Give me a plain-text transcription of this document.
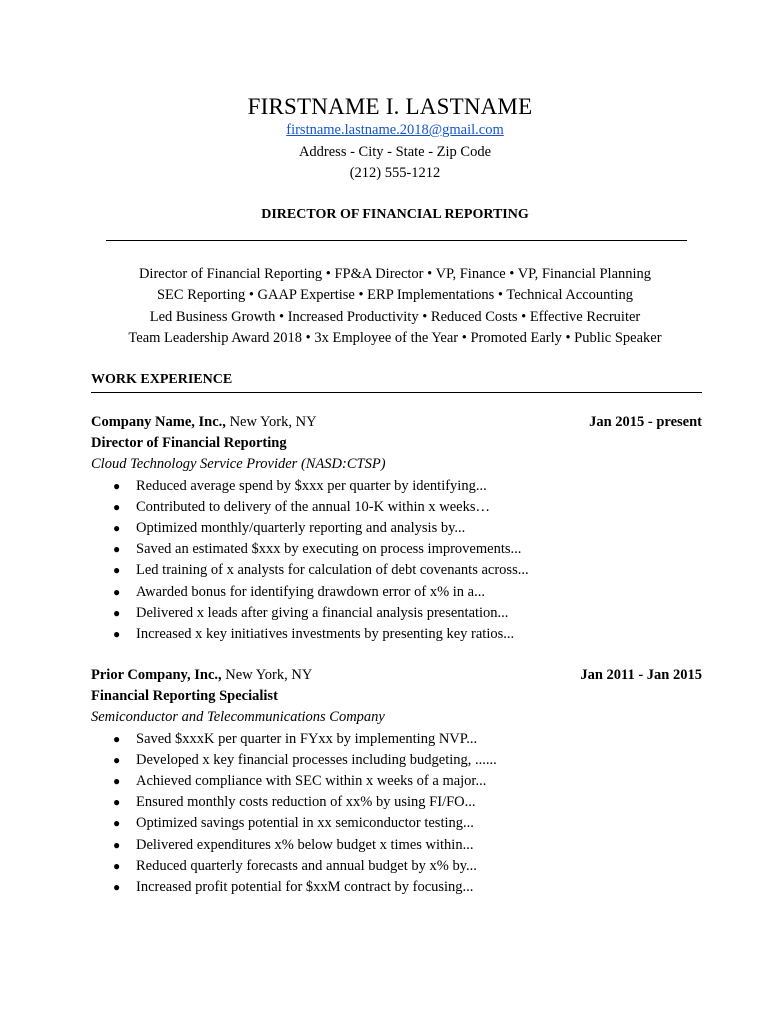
FIRSTNAME I. LASTNAME
firstname.lastname.2018@gmail.com
Address - City - State - Zip Code
(212) 555-1212
DIRECTOR OF FINANCIAL REPORTING
Director of Financial Reporting • FP&A Director • VP, Finance • VP, Financial Planning
SEC Reporting • GAAP Expertise • ERP Implementations • Technical Accounting
Led Business Growth • Increased Productivity • Reduced Costs • Effective Recruiter
Team Leadership Award 2018 • 3x Employee of the Year • Promoted Early • Public Speaker
WORK EXPERIENCE
Company Name, Inc., New York, NY	Jan 2015 - present
Director of Financial Reporting
Cloud Technology Service Provider (NASD:CTSP)
● Reduced average spend by $xxx per quarter by identifying...
● Contributed to delivery of the annual 10-K within x weeks…
● Optimized monthly/quarterly reporting and analysis by...
● Saved an estimated $xxx by executing on process improvements...
● Led training of x analysts for calculation of debt covenants across...
● Awarded bonus for identifying drawdown error of x% in a...
● Delivered x leads after giving a financial analysis presentation...
● Increased x key initiatives investments by presenting key ratios...
Prior Company, Inc., New York, NY	Jan 2011 - Jan 2015
Financial Reporting Specialist
Semiconductor and Telecommunications Company
● Saved $xxxK per quarter in FYxx by implementing NVP...
● Developed x key financial processes including budgeting, ......
● Achieved compliance with SEC within x weeks of a major...
● Ensured monthly costs reduction of xx% by using FI/FO...
● Optimized savings potential in xx semiconductor testing...
● Delivered expenditures x% below budget x times within...
● Reduced quarterly forecasts and annual budget by x% by...
● Increased profit potential for $xxM contract by focusing...
